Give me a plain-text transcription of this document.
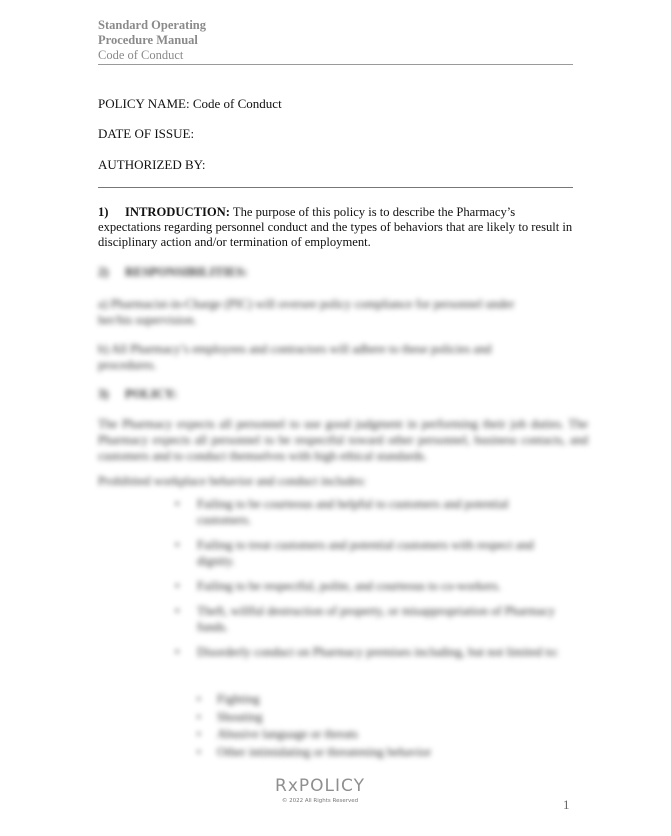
Standard Operating
Procedure Manual
Code of Conduct
POLICY NAME: Code of Conduct
DATE OF ISSUE:
AUTHORIZED BY:
1) INTRODUCTION: The purpose of this policy is to describe the Pharmacy’s expectations regarding personnel conduct and the types of behaviors that are likely to result in disciplinary action and/or termination of employment.
2) RESPONSIBILITIES:
a) Pharmacist-in-Charge (PIC) will oversee policy compliance for personnel under her/his supervision.
b) All Pharmacy’s employees and contractors will adhere to these policies and procedures.
3) POLICY:
The Pharmacy expects all personnel to use good judgment in performing their job duties. The Pharmacy expects all personnel to be respectful toward other personnel, business contacts, and customers and to conduct themselves with high ethical standards.
Prohibited workplace behavior and conduct includes:
• Failing to be courteous and helpful to customers and potential customers.
• Failing to treat customers and potential customers with respect and dignity.
• Failing to be respectful, polite, and courteous to co-workers.
• Theft, willful destruction of property, or misappropriation of Pharmacy funds.
• Disorderly conduct on Pharmacy premises including, but not limited to:
▪ Fighting
▪ Shouting
▪ Abusive language or threats
▪ Other intimidating or threatening behavior
RxPOLICY
© 2022 All Rights Reserved	1
